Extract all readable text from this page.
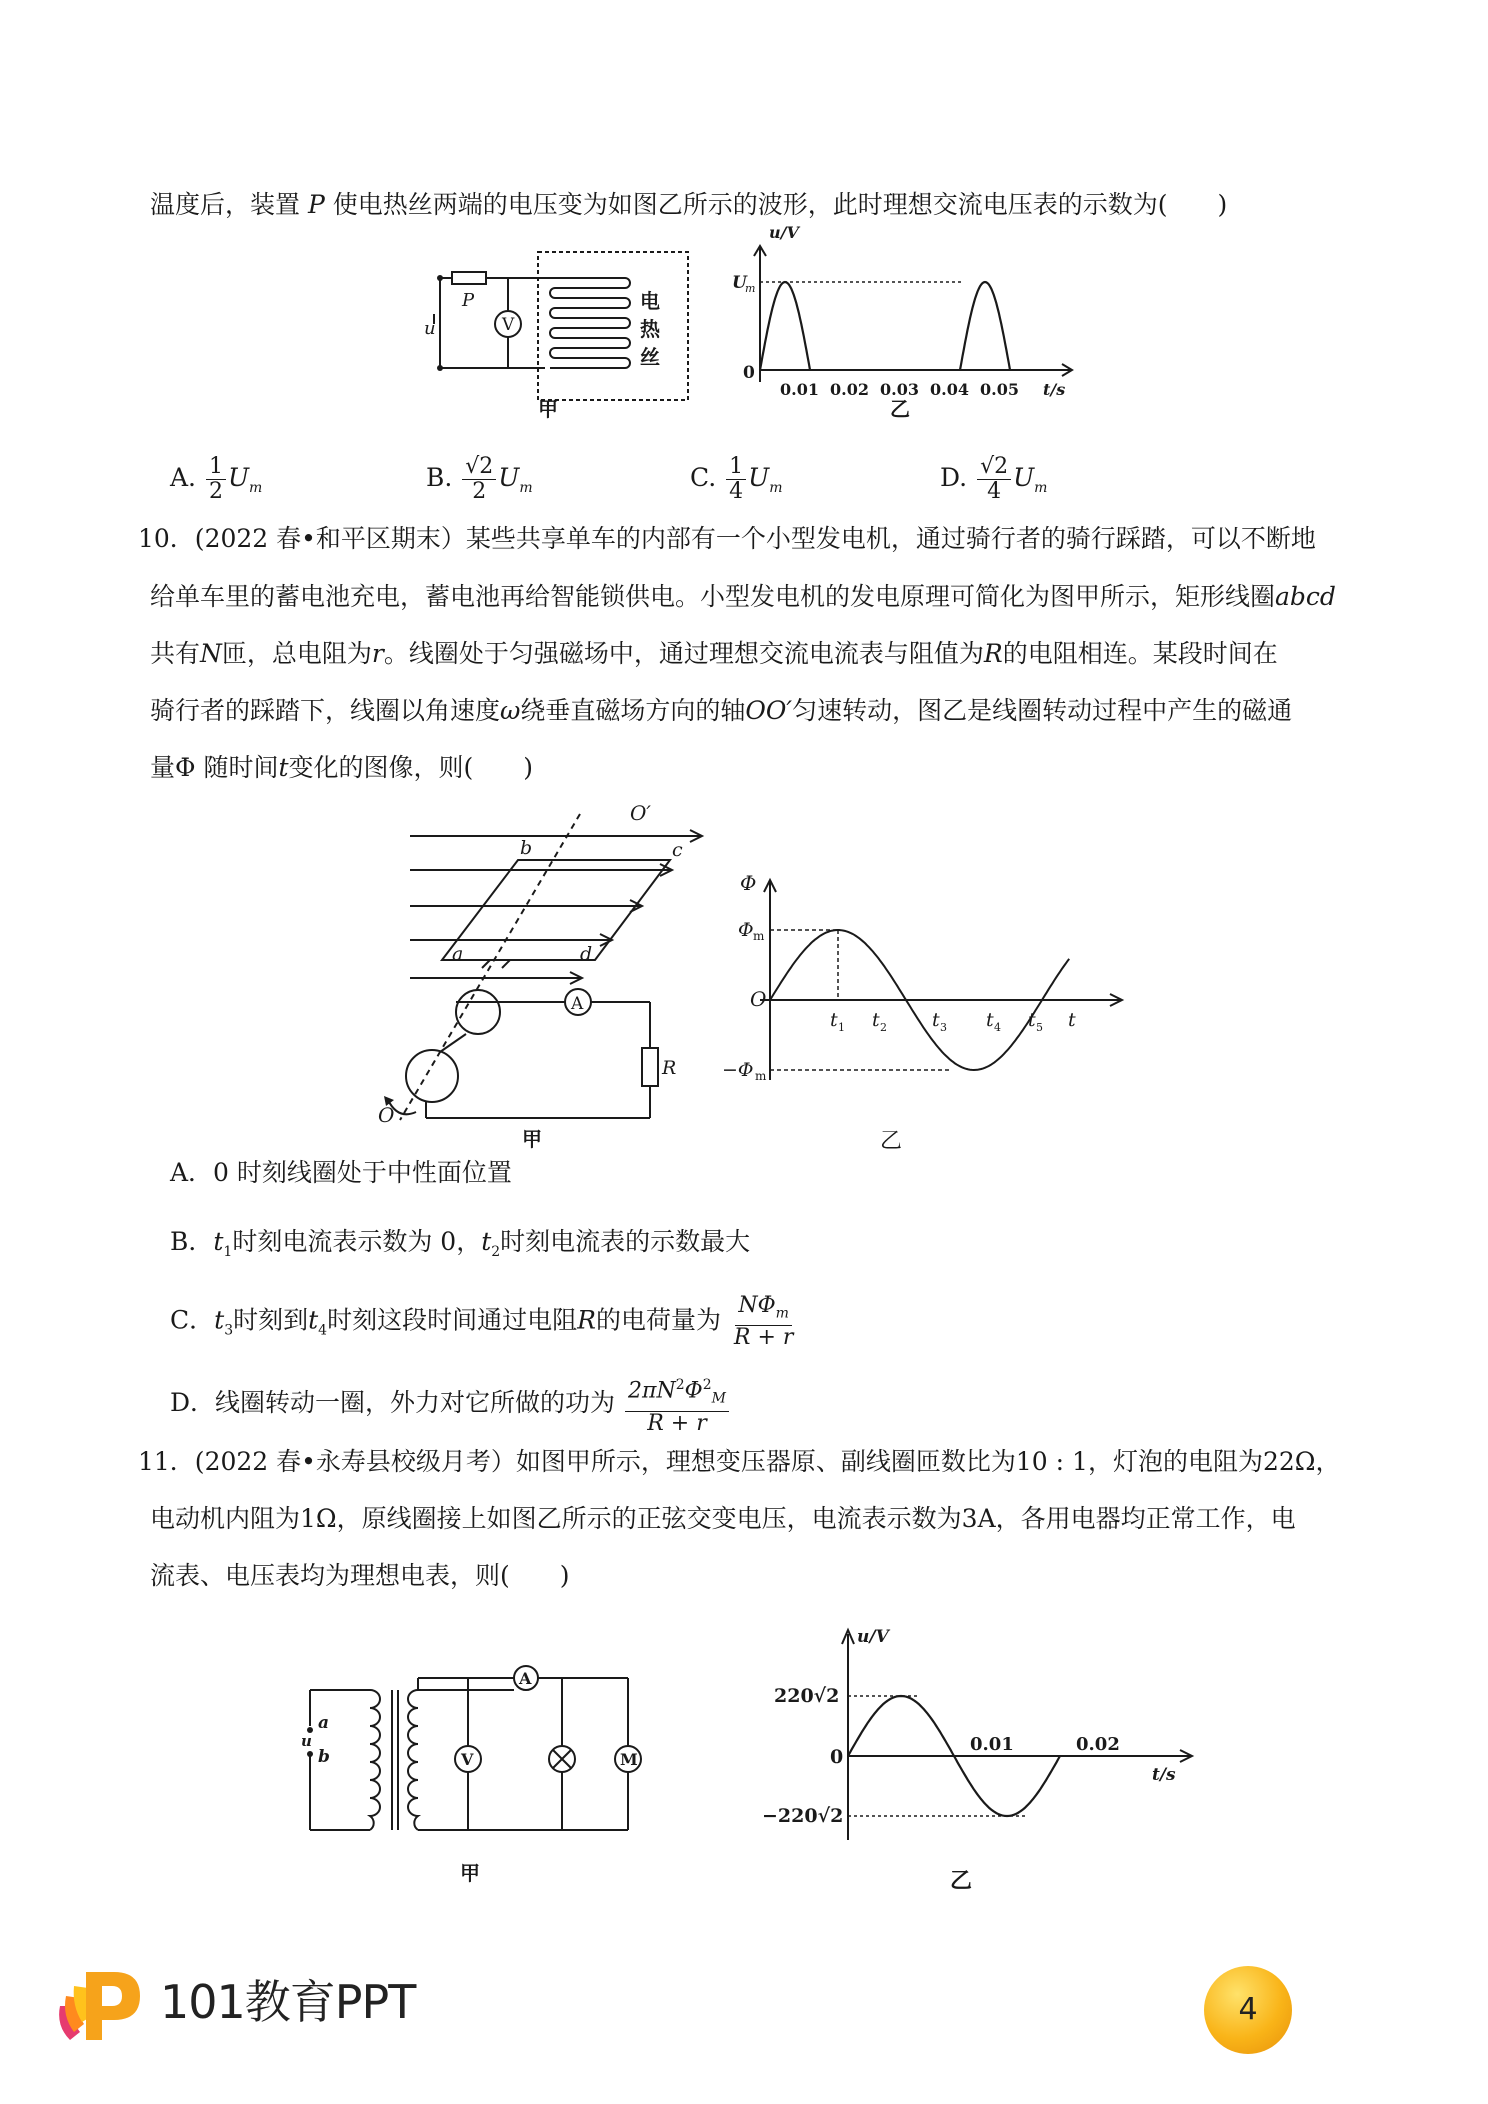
温度后，装置 P 使电热丝两端的电压变为如图乙所示的波形，此时理想交流电压表的示数为(　　)
P
V
u
电
热
丝
甲
u/V
U
m
0
0.01 0.02 0.03 0.04 0.05 t/s
乙
A. $\frac{1}{2} U_m$	B. $\frac{√2}{2} U_m$	C. $\frac{1}{4} U_m$	D. $\frac{√2}{4} U_m$
10．(2022 春•和平区期末）某些共享单车的内部有一个小型发电机，通过骑行者的骑行踩踏，可以不断地
给单车里的蓄电池充电，蓄电池再给智能锁供电。小型发电机的发电原理可简化为图甲所示，矩形线圈abcd
共有N匝，总电阻为r。线圈处于匀强磁场中，通过理想交流电流表与阻值为R的电阻相连。某段时间在
骑行者的踩踏下，线圈以角速度ω绕垂直磁场方向的轴OO′匀速转动，图乙是线圈转动过程中产生的磁通
量Φ 随时间t变化的图像，则(　　)
O′
b	c
a	d
A
R
O
甲
Φ
Φ m
O
−Φ m
t 1 t 2 t 3 t 4 t 5 t
乙
A．0 时刻线圈处于中性面位置
B．$t_1$时刻电流表示数为 0，$t_2$时刻电流表的示数最大
C．$t_3$时刻到$t_4$时刻这段时间通过电阻R的电荷量为 $\frac{N\Phi_m}{R + r}$
D．线圈转动一圈，外力对它所做的功为 $\frac{2\pi N^2\Phi^2_M}{R + r}$
11．(2022 春•永寿县校级月考）如图甲所示，理想变压器原、副线圈匝数比为10 : 1，灯泡的电阻为22Ω，
电动机内阻为1Ω，原线圈接上如图乙所示的正弦交变电压，电流表示数为3A，各用电器均正常工作，电
流表、电压表均为理想电表，则(　　)
a
u
b
A
V	M
甲
u/V
220√2
0
−220√2
0.01	0.02
t/s
乙
101教育PPT	4
